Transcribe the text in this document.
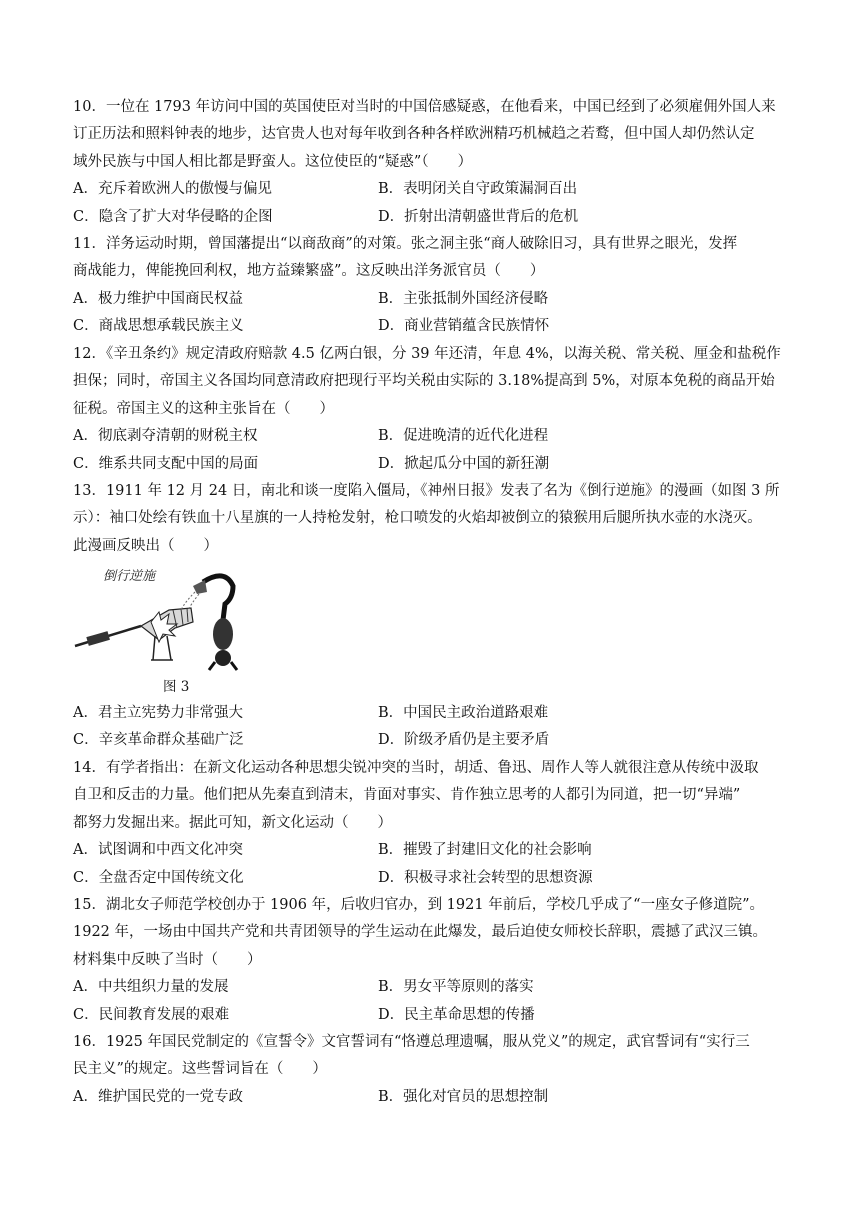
10．一位在 1793 年访问中国的英国使臣对当时的中国倍感疑惑，在他看来，中国已经到了必须雇佣外国人来
订正历法和照料钟表的地步，达官贵人也对每年收到各种各样欧洲精巧机械趋之若鹜，但中国人却仍然认定
域外民族与中国人相比都是野蛮人。这位使臣的“疑惑”（　　）
A．充斥着欧洲人的傲慢与偏见	B．表明闭关自守政策漏洞百出
C．隐含了扩大对华侵略的企图	D．折射出清朝盛世背后的危机
11．洋务运动时期，曾国藩提出“以商敌商”的对策。张之洞主张“商人破除旧习，具有世界之眼光，发挥
商战能力，俾能挽回利权，地方益臻繁盛”。这反映出洋务派官员（　　）
A．极力维护中国商民权益	B．主张抵制外国经济侵略
C．商战思想承载民族主义	D．商业营销蕴含民族情怀
12．《辛丑条约》规定清政府赔款 4.5 亿两白银，分 39 年还清，年息 4%，以海关税、常关税、厘金和盐税作
担保；同时，帝国主义各国均同意清政府把现行平均关税由实际的 3.18%提高到 5%，对原本免税的商品开始
征税。帝国主义的这种主张旨在（　　）
A．彻底剥夺清朝的财税主权	B．促进晚清的近代化进程
C．维系共同支配中国的局面	D．掀起瓜分中国的新狂潮
13．1911 年 12 月 24 日，南北和谈一度陷入僵局，《神州日报》发表了名为《倒行逆施》的漫画（如图 3 所
示）：袖口处绘有铁血十八星旗的一人持枪发射，枪口喷发的火焰却被倒立的猿猴用后腿所执水壶的水浇灭。
此漫画反映出（　　）
倒行逆施
图 3
A．君主立宪势力非常强大	B．中国民主政治道路艰难
C．辛亥革命群众基础广泛	D．阶级矛盾仍是主要矛盾
14．有学者指出：在新文化运动各种思想尖锐冲突的当时，胡适、鲁迅、周作人等人就很注意从传统中汲取
自卫和反击的力量。他们把从先秦直到清末，肯面对事实、肯作独立思考的人都引为同道，把一切“异端”
都努力发掘出来。据此可知，新文化运动（　　）
A．试图调和中西文化冲突	B．摧毁了封建旧文化的社会影响
C．全盘否定中国传统文化	D．积极寻求社会转型的思想资源
15．湖北女子师范学校创办于 1906 年，后收归官办，到 1921 年前后，学校几乎成了“一座女子修道院”。
1922 年，一场由中国共产党和共青团领导的学生运动在此爆发，最后迫使女师校长辞职，震撼了武汉三镇。
材料集中反映了当时（　　）
A．中共组织力量的发展	B．男女平等原则的落实
C．民间教育发展的艰难	D．民主革命思想的传播
16．1925 年国民党制定的《宣誓令》文官誓词有“恪遵总理遗嘱，服从党义”的规定，武官誓词有“实行三
民主义”的规定。这些誓词旨在（　　）
A．维护国民党的一党专政	B．强化对官员的思想控制
